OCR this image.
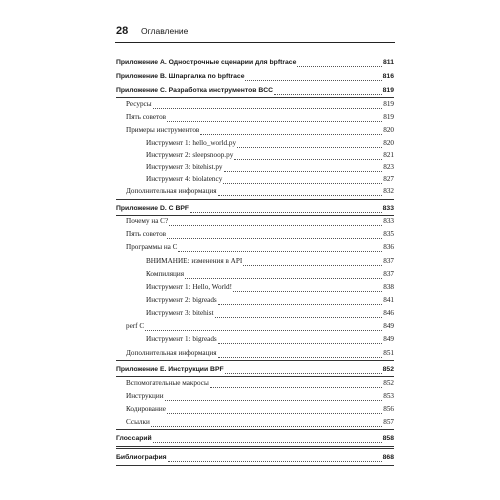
28 Оглавление
Приложение А. Однострочные сценарии для bpftrace	811
Приложение B. Шпаргалка по bpftrace	816
Приложение C. Разработка инструментов BCC	819
Ресурсы	819
Пять советов	819
Примеры инструментов	820
Инструмент 1: hello_world.py	820
Инструмент 2: sleepsnoop.py	821
Инструмент 3: bitehist.py	823
Инструмент 4: biolatency	827
Дополнительная информация	832
Приложение D. C BPF	833
Почему на C?	833
Пять советов	835
Программы на C	836
ВНИМАНИЕ: изменения в API	837
Компиляция	837
Инструмент 1: Hello, World!	838
Инструмент 2: bigreads	841
Инструмент 3: bitehist	846
perf C	849
Инструмент 1: bigreads	849
Дополнительная информация	851
Приложение E. Инструкции BPF	852
Вспомогательные макросы	852
Инструкции	853
Кодирование	856
Ссылки	857
Глоссарий	858
Библиография	868
